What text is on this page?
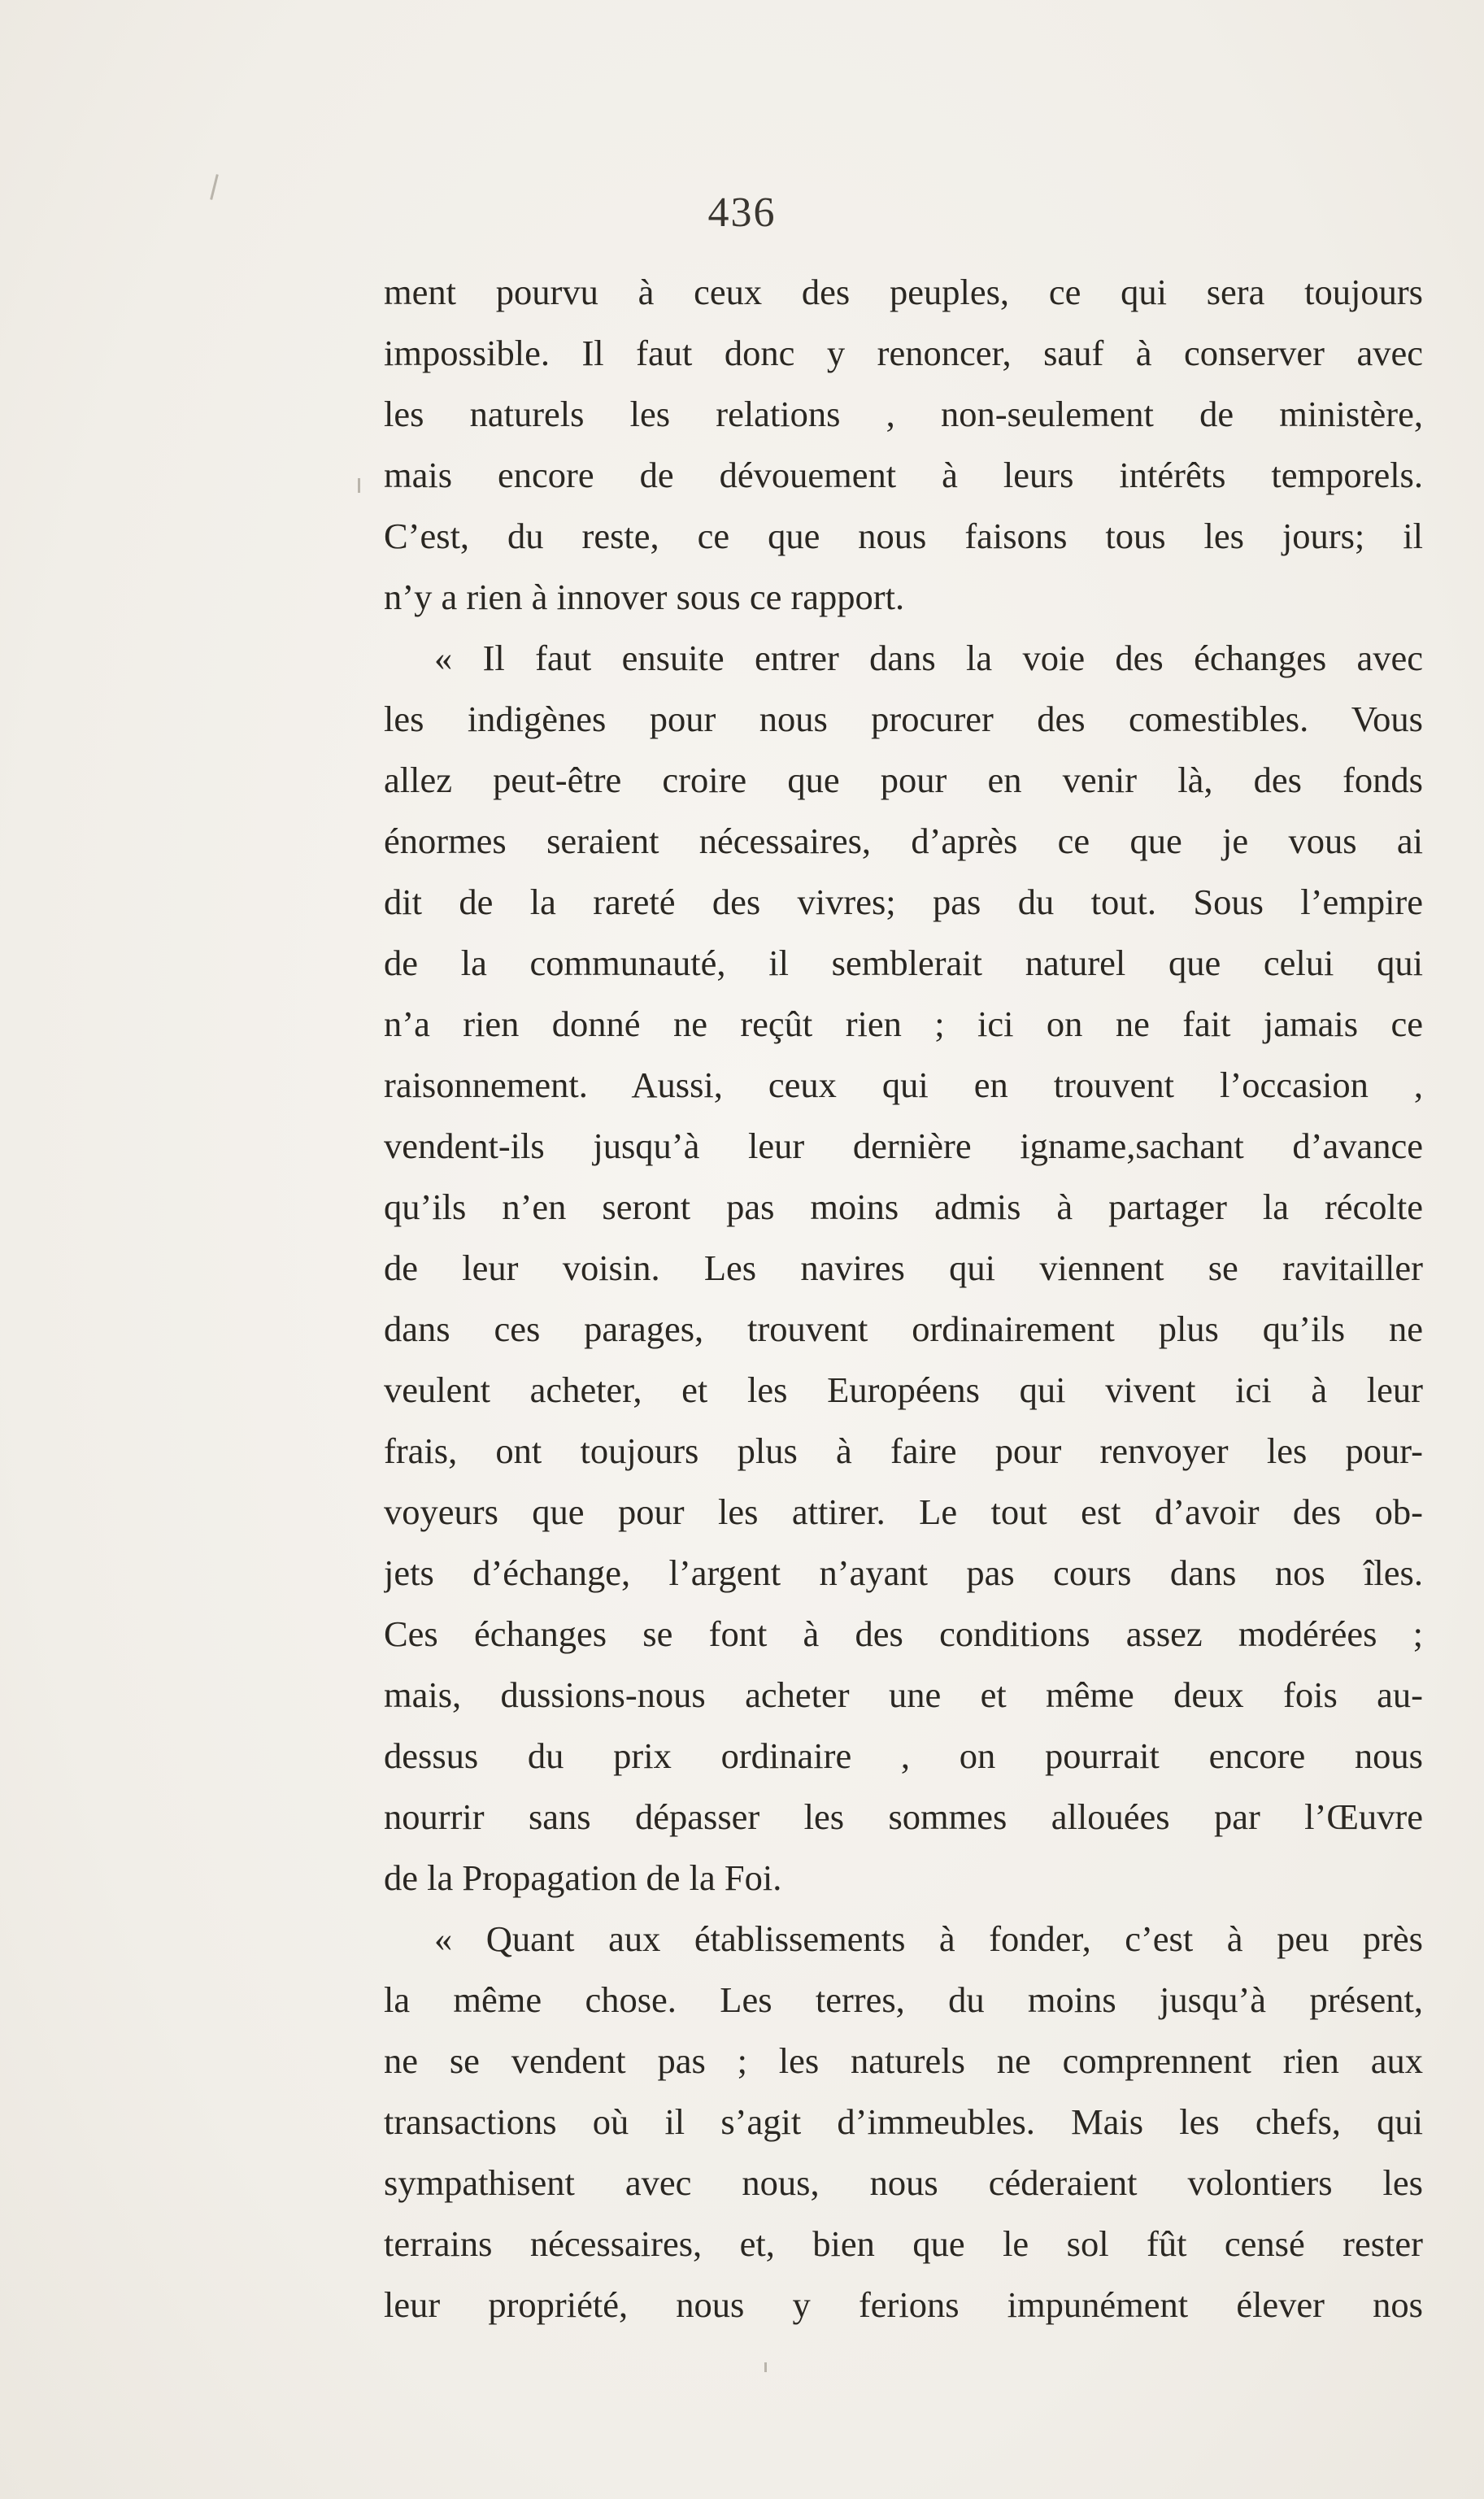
436
ment pourvu à ceux des peuples, ce qui sera toujours
impossible. Il faut donc y renoncer, sauf à conserver avec
les naturels les relations , non-seulement de ministère,
mais encore de dévouement à leurs intérêts temporels.
C’est, du reste, ce que nous faisons tous les jours; il
n’y a rien à innover sous ce rapport.
« Il faut ensuite entrer dans la voie des échanges avec
les indigènes pour nous procurer des comestibles. Vous
allez peut-être croire que pour en venir là, des fonds
énormes seraient nécessaires, d’après ce que je vous ai
dit de la rareté des vivres; pas du tout. Sous l’empire
de la communauté, il semblerait naturel que celui qui
n’a rien donné ne reçût rien ; ici on ne fait jamais ce
raisonnement. Aussi, ceux qui en trouvent l’occasion ,
vendent-ils jusqu’à leur dernière igname,sachant d’avance
qu’ils n’en seront pas moins admis à partager la récolte
de leur voisin. Les navires qui viennent se ravitailler
dans ces parages, trouvent ordinairement plus qu’ils ne
veulent acheter, et les Européens qui vivent ici à leur
frais, ont toujours plus à faire pour renvoyer les pour-
voyeurs que pour les attirer. Le tout est d’avoir des ob-
jets d’échange, l’argent n’ayant pas cours dans nos îles.
Ces échanges se font à des conditions assez modérées ;
mais, dussions-nous acheter une et même deux fois au-
dessus du prix ordinaire , on pourrait encore nous
nourrir sans dépasser les sommes allouées par l’Œuvre
de la Propagation de la Foi.
« Quant aux établissements à fonder, c’est à peu près
la même chose. Les terres, du moins jusqu’à présent,
ne se vendent pas ; les naturels ne comprennent rien aux
transactions où il s’agit d’immeubles. Mais les chefs, qui
sympathisent avec nous, nous céderaient volontiers les
terrains nécessaires, et, bien que le sol fût censé rester
leur propriété, nous y ferions impunément élever nos
